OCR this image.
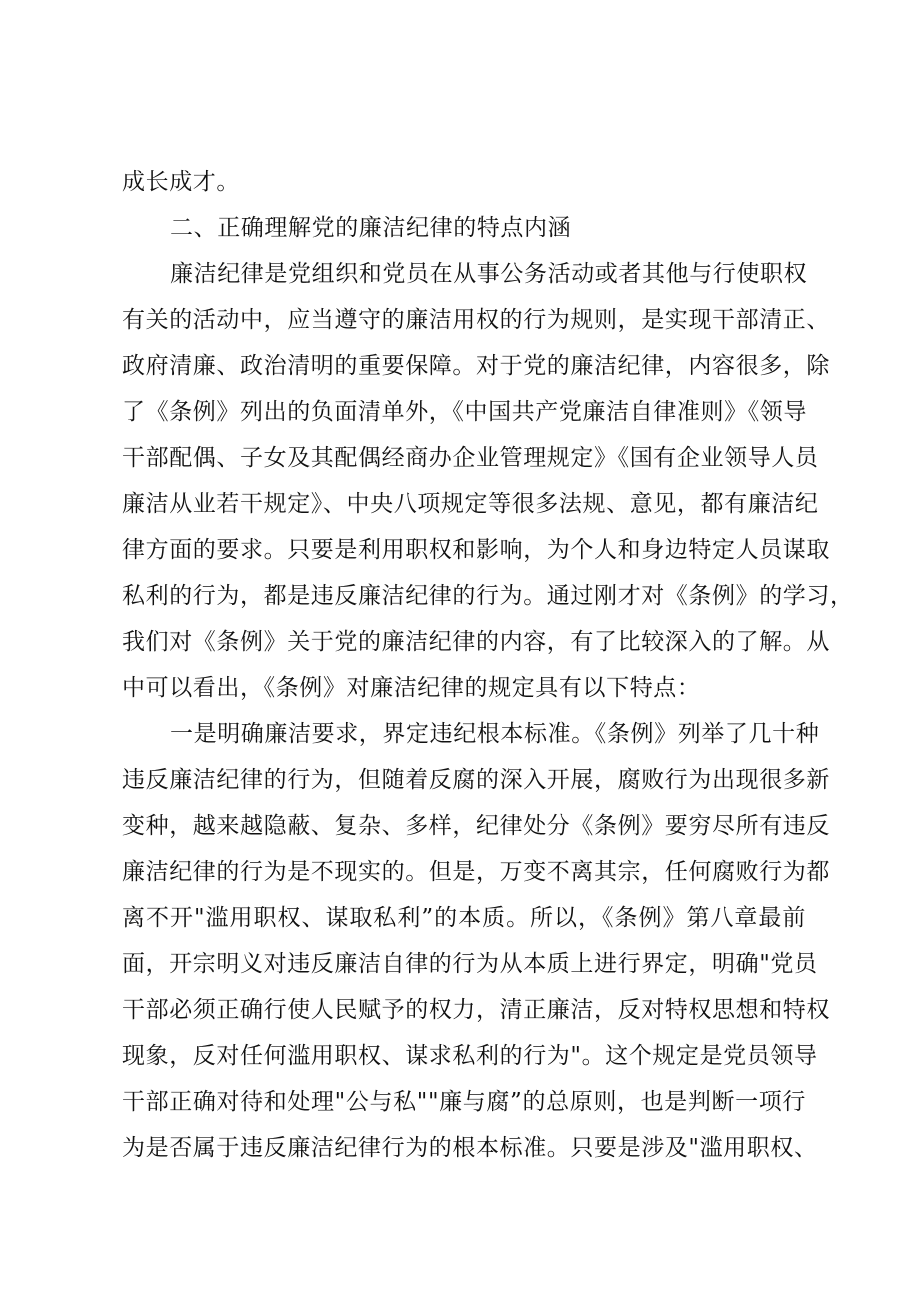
成长成才。
二、正确理解党的廉洁纪律的特点内涵
廉洁纪律是党组织和党员在从事公务活动或者其他与行使职权
有关的活动中，应当遵守的廉洁用权的行为规则，是实现干部清正、
政府清廉、政治清明的重要保障。对于党的廉洁纪律，内容很多，除
了《条例》列出的负面清单外，《中国共产党廉洁自律准则》《领导
干部配偶、子女及其配偶经商办企业管理规定》《国有企业领导人员
廉洁从业若干规定》、中央八项规定等很多法规、意见，都有廉洁纪
律方面的要求。只要是利用职权和影响，为个人和身边特定人员谋取
私利的行为，都是违反廉洁纪律的行为。通过刚才对《条例》的学习，
我们对《条例》关于党的廉洁纪律的内容，有了比较深入的了解。从
中可以看出，《条例》对廉洁纪律的规定具有以下特点：
一是明确廉洁要求，界定违纪根本标准。《条例》列举了几十种
违反廉洁纪律的行为，但随着反腐的深入开展，腐败行为出现很多新
变种，越来越隐蔽、复杂、多样，纪律处分《条例》要穷尽所有违反
廉洁纪律的行为是不现实的。但是，万变不离其宗，任何腐败行为都
离不开"滥用职权、谋取私利”的本质。所以，《条例》第八章最前
面，开宗明义对违反廉洁自律的行为从本质上进行界定，明确"党员
干部必须正确行使人民赋予的权力，清正廉洁，反对特权思想和特权
现象，反对任何滥用职权、谋求私利的行为"。这个规定是党员领导
干部正确对待和处理"公与私""廉与腐”的总原则，也是判断一项行
为是否属于违反廉洁纪律行为的根本标准。只要是涉及"滥用职权、
